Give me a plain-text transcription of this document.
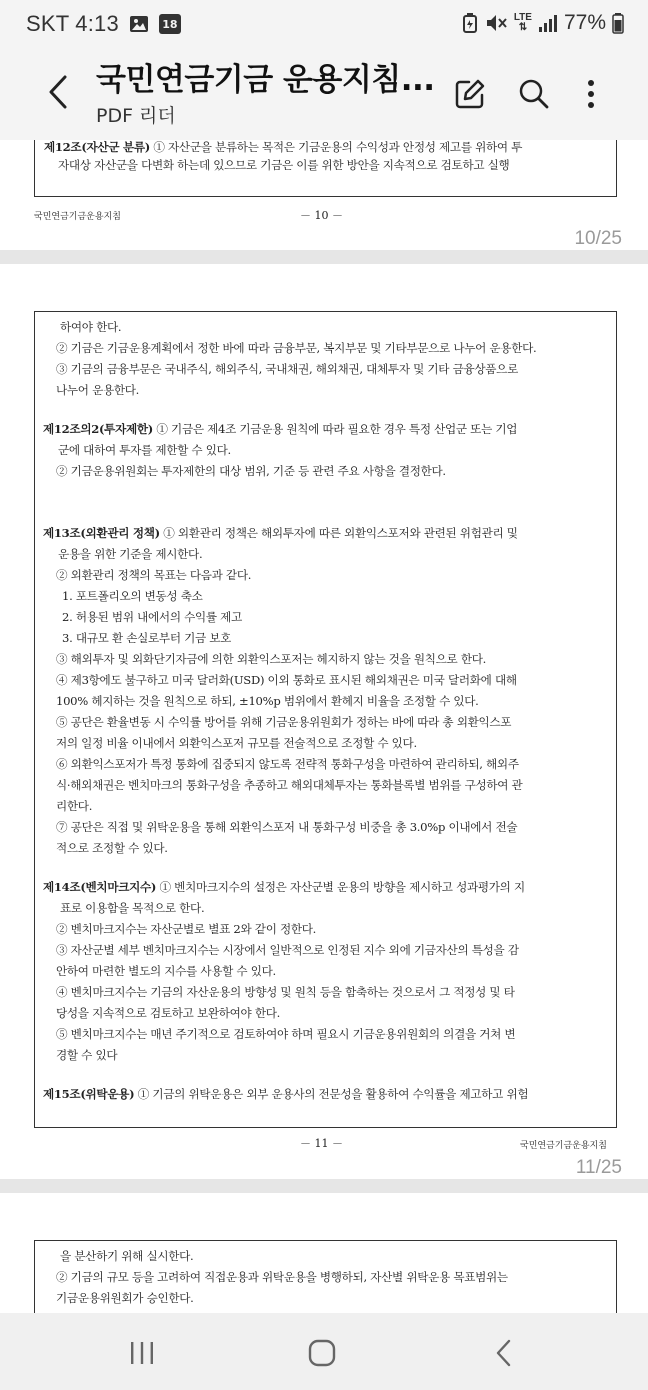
SKT 4:13	18	LTE
⇅ 77%
국민연금기금 운용지침...
PDF 리더
제12조(자산군 분류) ① 자산군을 분류하는 목적은 기금운용의 수익성과 안정성 제고를 위하여 투
자대상 자산군을 다변화 하는데 있으므로 기금은 이를 위한 방안을 지속적으로 검토하고 실행
국민연금기금운용지침	－ 10 －
10/25
하여야 한다.
② 기금은 기금운용계획에서 정한 바에 따라 금융부문, 복지부문 및 기타부문으로 나누어 운용한다.
③ 기금의 금융부문은 국내주식, 해외주식, 국내채권, 해외채권, 대체투자 및 기타 금융상품으로
나누어 운용한다.
제12조의2(투자제한) ① 기금은 제4조 기금운용 원칙에 따라 필요한 경우 특정 산업군 또는 기업
군에 대하여 투자를 제한할 수 있다.
② 기금운용위원회는 투자제한의 대상 범위, 기준 등 관련 주요 사항을 결정한다.
제13조(외환관리 정책) ① 외환관리 정책은 해외투자에 따른 외환익스포저와 관련된 위험관리 및
운용을 위한 기준을 제시한다.
② 외환관리 정책의 목표는 다음과 같다.
1. 포트폴리오의 변동성 축소
2. 허용된 범위 내에서의 수익률 제고
3. 대규모 환 손실로부터 기금 보호
③ 해외투자 및 외화단기자금에 의한 외환익스포저는 헤지하지 않는 것을 원칙으로 한다.
④ 제3항에도 불구하고 미국 달러화(USD) 이외 통화로 표시된 해외채권은 미국 달러화에 대해
100% 헤지하는 것을 원칙으로 하되, ±10%p 범위에서 환헤지 비율을 조정할 수 있다.
⑤ 공단은 환율변동 시 수익률 방어를 위해 기금운용위원회가 정하는 바에 따라 총 외환익스포
저의 일정 비율 이내에서 외환익스포저 규모를 전술적으로 조정할 수 있다.
⑥ 외환익스포저가 특정 통화에 집중되지 않도록 전략적 통화구성을 마련하여 관리하되, 해외주
식·해외채권은 벤치마크의 통화구성을 추종하고 해외대체투자는 통화블록별 범위를 구성하여 관
리한다.
⑦ 공단은 직접 및 위탁운용을 통해 외환익스포저 내 통화구성 비중을 총 3.0%p 이내에서 전술
적으로 조정할 수 있다.
제14조(벤치마크지수) ① 벤치마크지수의 설정은 자산군별 운용의 방향을 제시하고 성과평가의 지
표로 이용함을 목적으로 한다.
② 벤치마크지수는 자산군별로 별표 2와 같이 정한다.
③ 자산군별 세부 벤치마크지수는 시장에서 일반적으로 인정된 지수 외에 기금자산의 특성을 감
안하여 마련한 별도의 지수를 사용할 수 있다.
④ 벤치마크지수는 기금의 자산운용의 방향성 및 원칙 등을 함축하는 것으로서 그 적정성 및 타
당성을 지속적으로 검토하고 보완하여야 한다.
⑤ 벤치마크지수는 매년 주기적으로 검토하여야 하며 필요시 기금운용위원회의 의결을 거쳐 변
경할 수 있다
제15조(위탁운용) ① 기금의 위탁운용은 외부 운용사의 전문성을 활용하여 수익률을 제고하고 위험
－ 11 －	국민연금기금운용지침
11/25
을 분산하기 위해 실시한다.
② 기금의 규모 등을 고려하여 직접운용과 위탁운용을 병행하되, 자산별 위탁운용 목표범위는
기금운용위원회가 승인한다.
